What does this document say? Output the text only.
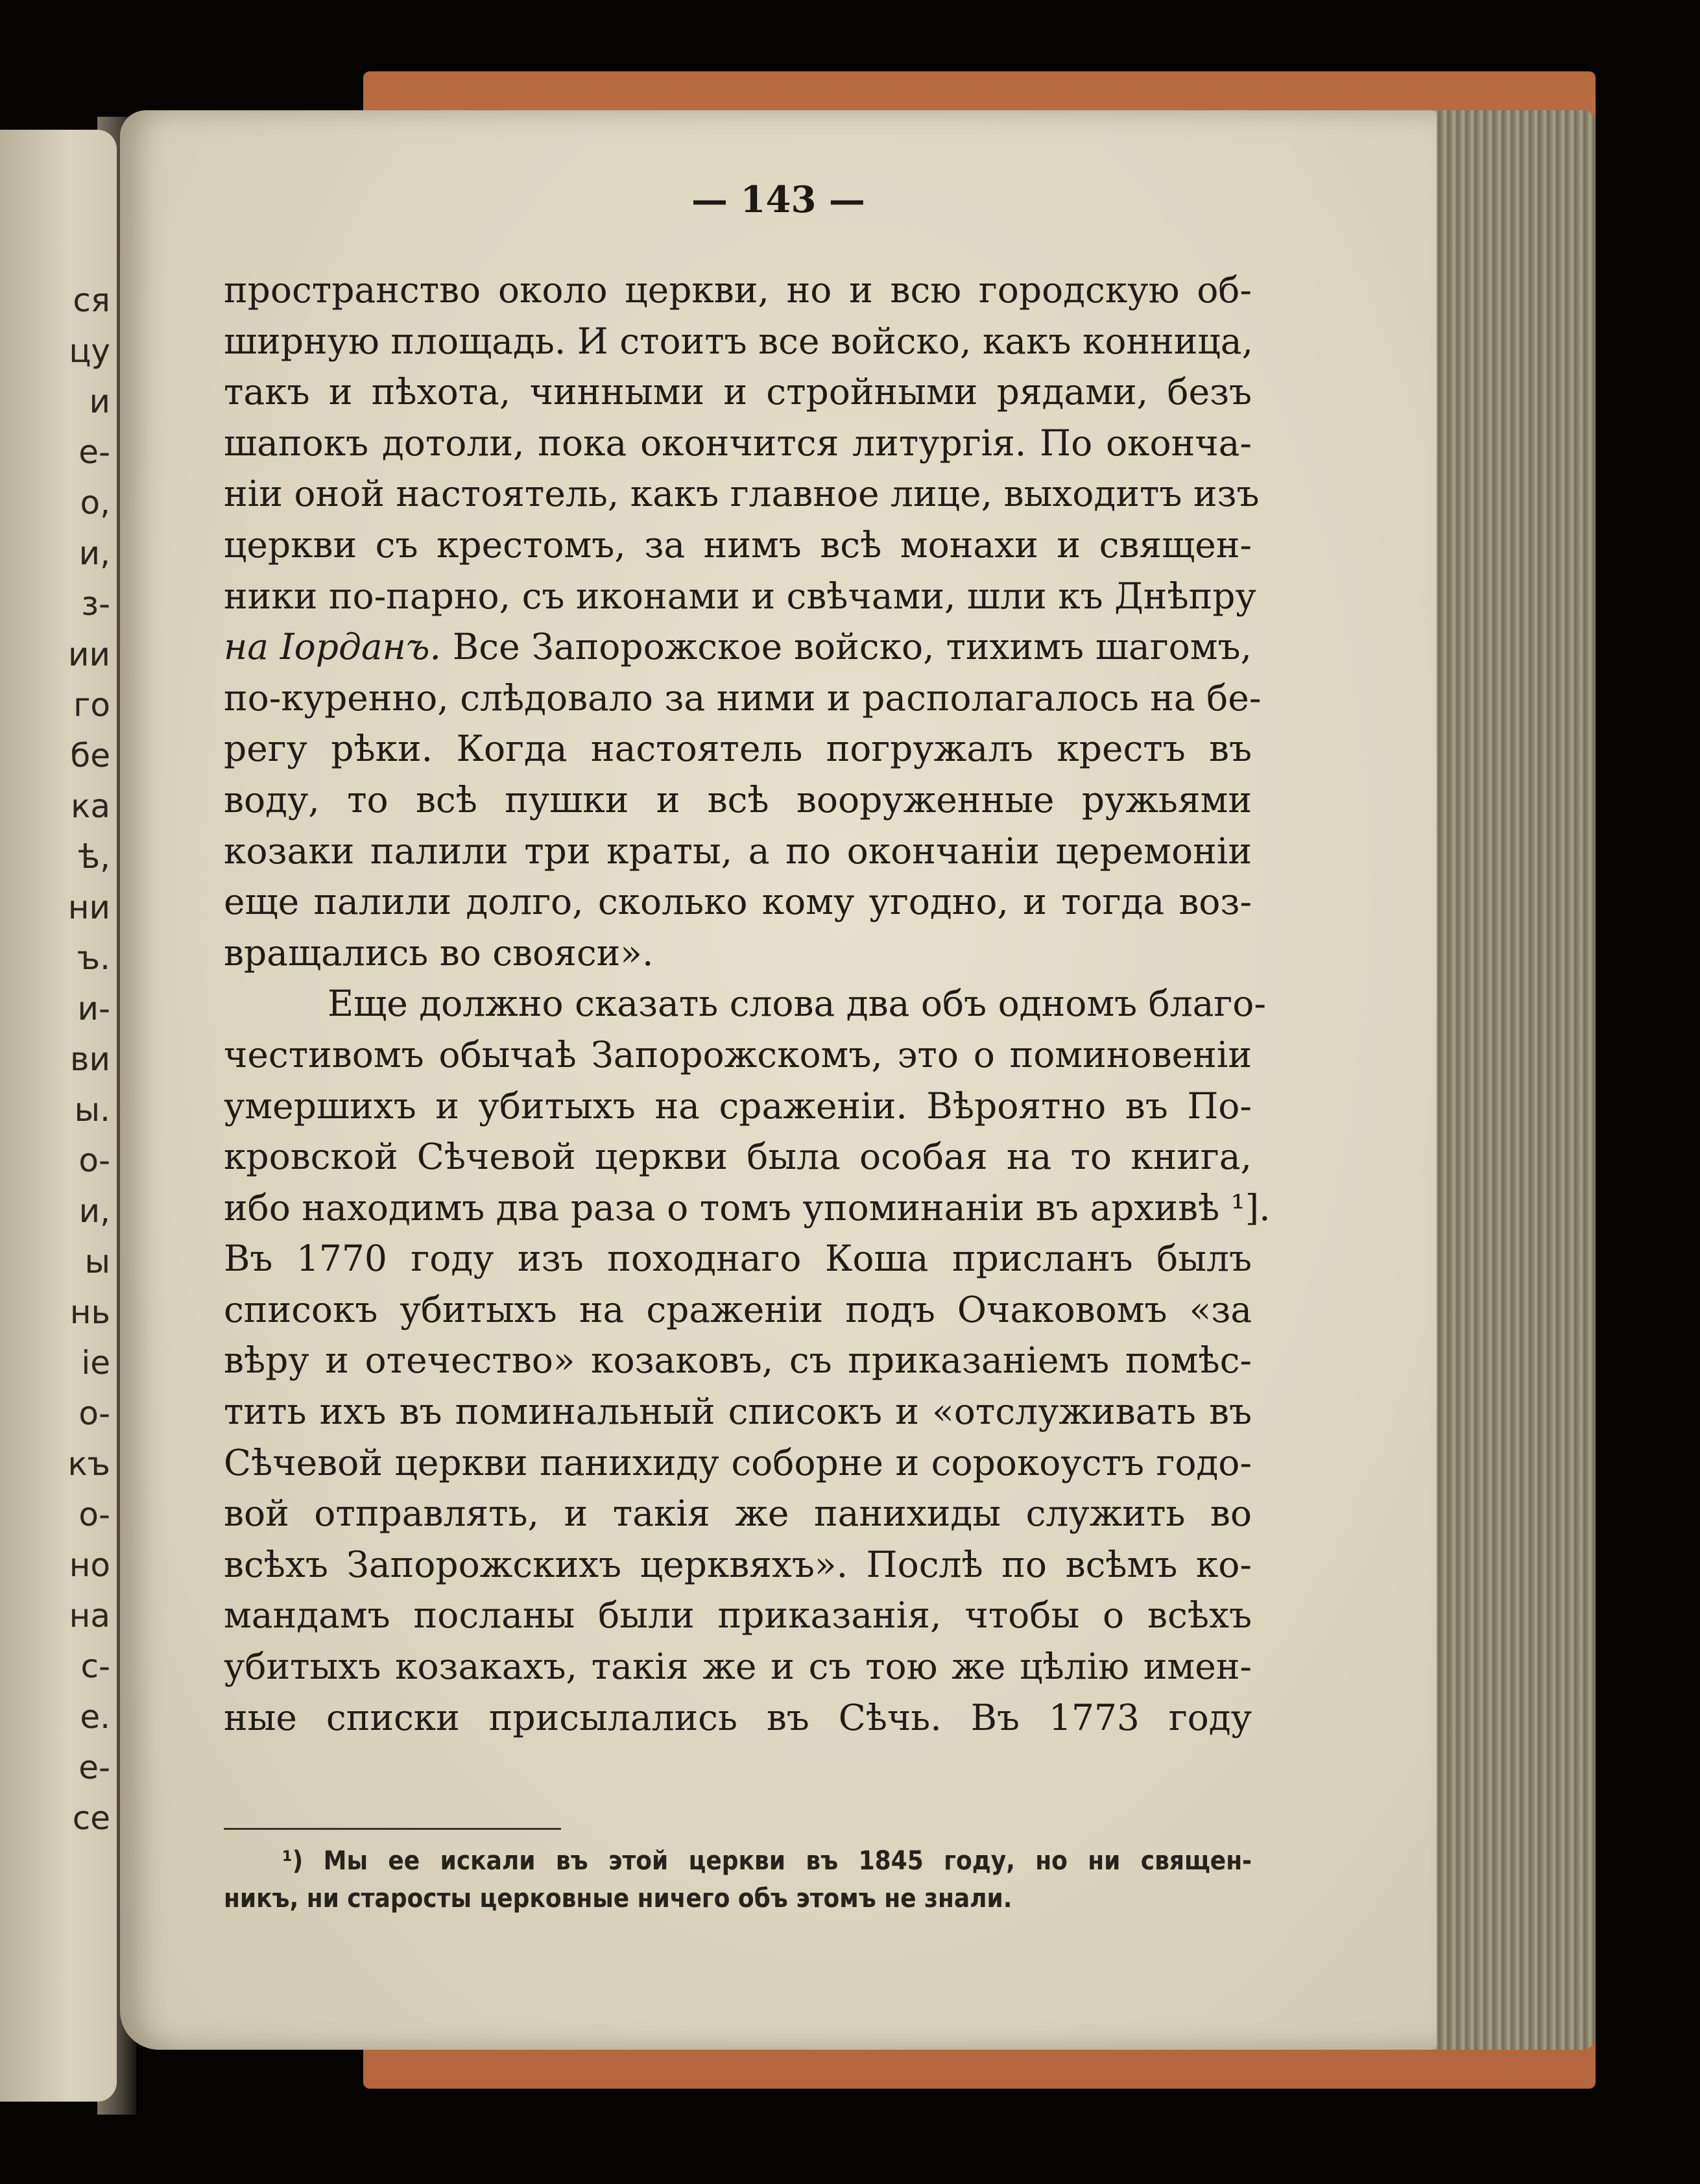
ся
цу
и
е-
о,
и,
з-
ии
го
бе
ка
ѣ,
ни
ъ.
и-
ви
ы.
о-
и,
ы
нь
іе
о-
къ
о-
но
на
с-
е.
е-
се
— 143 —
пространство около церкви, но и всю городскую об-
ширную площадь. И стоитъ все войско, какъ конница,
такъ и пѣхота, чинными и стройными рядами, безъ
шапокъ дотоли, пока окончится литургія. По оконча-
ніи оной настоятель, какъ главное лице, выходитъ изъ
церкви съ крестомъ, за нимъ всѣ монахи и священ-
ники по-парно, съ иконами и свѣчами, шли къ Днѣпру
на Іорданъ. Все Запорожское войско, тихимъ шагомъ,
по-куренно, слѣдовало за ними и располагалось на бе-
регу рѣки. Когда настоятель погружалъ крестъ въ
воду, то всѣ пушки и всѣ вооруженные ружьями
козаки палили три краты, а по окончаніи церемоніи
еще палили долго, сколько кому угодно, и тогда воз-
вращались во свояси».
Еще должно сказать слова два объ одномъ благо-
честивомъ обычаѣ Запорожскомъ, это о поминовеніи
умершихъ и убитыхъ на сраженіи. Вѣроятно въ По-
кровской Сѣчевой церкви была особая на то книга,
ибо находимъ два раза о томъ упоминаніи въ архивѣ ¹].
Въ 1770 году изъ походнаго Коша присланъ былъ
списокъ убитыхъ на сраженіи подъ Очаковомъ «за
вѣру и отечество» козаковъ, съ приказаніемъ помѣс-
тить ихъ въ поминальный списокъ и «отслуживать въ
Сѣчевой церкви панихиду соборне и сорокоустъ годо-
вой отправлять, и такія же панихиды служить во
всѣхъ Запорожскихъ церквяхъ». Послѣ по всѣмъ ко-
мандамъ посланы были приказанія, чтобы о всѣхъ
убитыхъ козакахъ, такія же и съ тою же цѣлію имен-
ные списки присылались въ Сѣчь. Въ 1773 году
¹) Мы ее искали въ этой церкви въ 1845 году, но ни священ-
никъ, ни старосты церковные ничего объ этомъ не знали.
